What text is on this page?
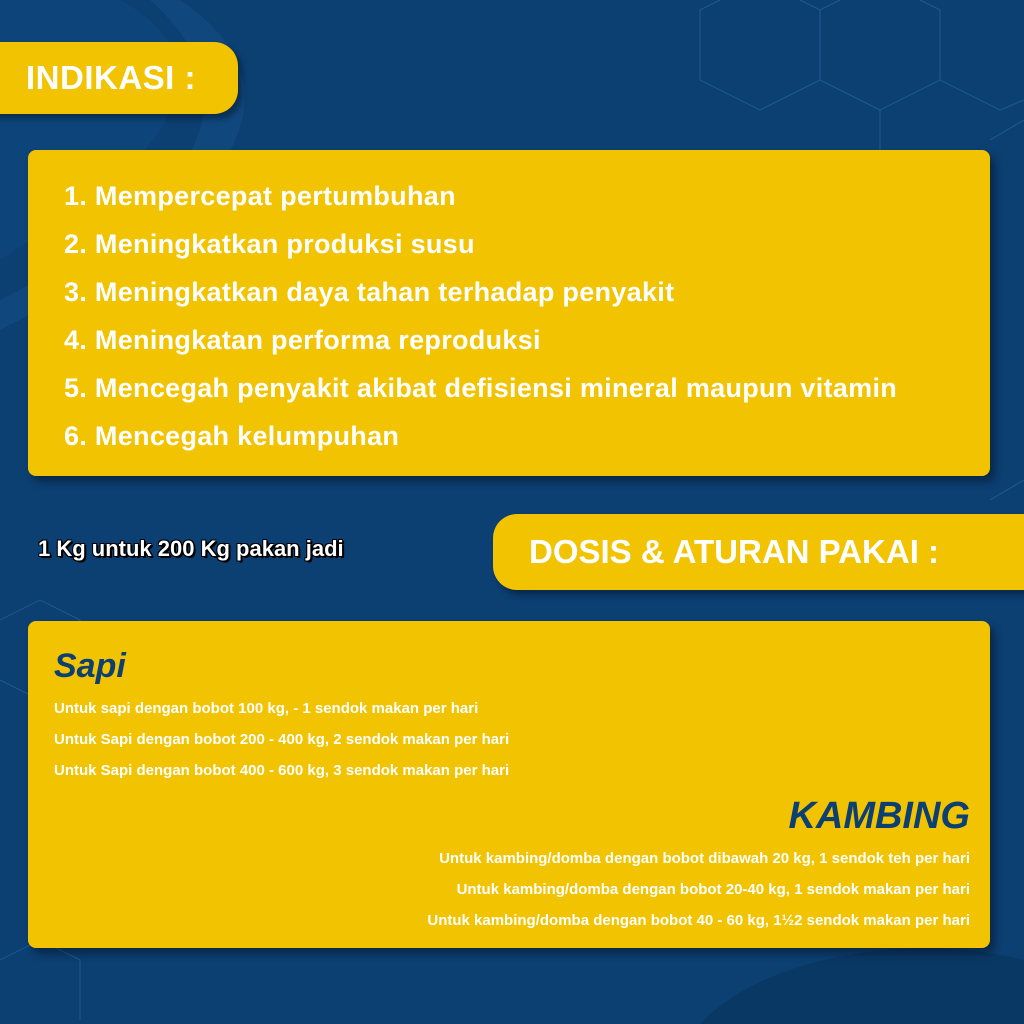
INDIKASI :
1. Mempercepat pertumbuhan
2. Meningkatkan produksi susu
3. Meningkatkan daya tahan terhadap penyakit
4. Meningkatan performa reproduksi
5. Mencegah penyakit akibat defisiensi mineral maupun vitamin
6. Mencegah kelumpuhan
1 Kg untuk 200 Kg pakan jadi	DOSIS & ATURAN PAKAI :
Sapi
Untuk sapi dengan bobot 100 kg, - 1 sendok makan per hari
Untuk Sapi dengan bobot 200 - 400 kg, 2 sendok makan per hari
Untuk Sapi dengan bobot 400 - 600 kg, 3 sendok makan per hari
KAMBING
Untuk kambing/domba dengan bobot dibawah 20 kg, 1 sendok teh per hari
Untuk kambing/domba dengan bobot 20-40 kg, 1 sendok makan per hari
Untuk kambing/domba dengan bobot 40 - 60 kg, 1½2 sendok makan per hari
